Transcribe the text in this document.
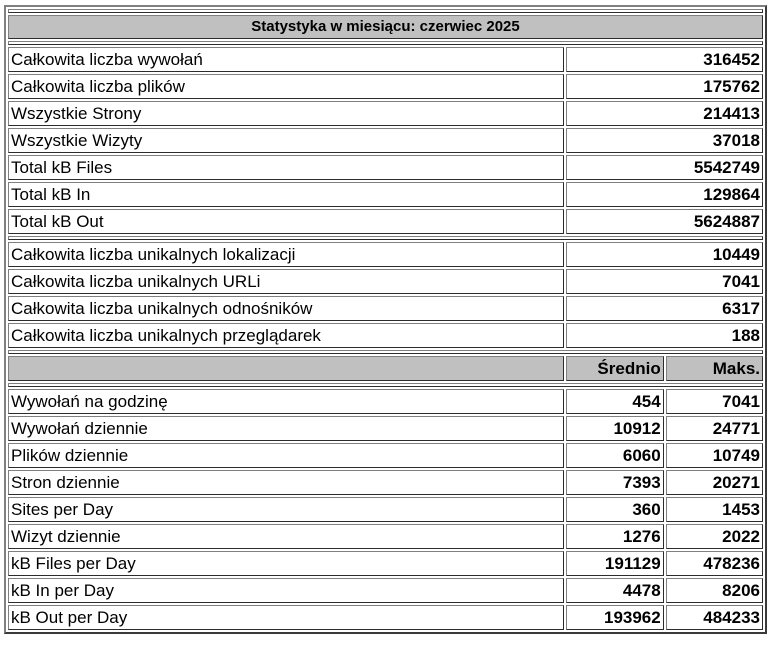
Statystyka w miesiącu: czerwiec 2025		

Całkowita liczba wywołań	316452	
Całkowita liczba plików	175762	
Wszystkie Strony	214413	
Wszystkie Wizyty	37018	
Total kB Files	5542749	
Total kB In	129864	
Total kB Out	5624887	

Całkowita liczba unikalnych lokalizacji	10449	
Całkowita liczba unikalnych URLi	7041	
Całkowita liczba unikalnych odnośników	6317	
Całkowita liczba unikalnych przeglądarek	188	

	Średnio	Maks.

Wywołań na godzinę	454	7041
Wywołań dziennie	10912	24771
Plików dziennie	6060	10749
Stron dziennie	7393	20271
Sites per Day	360	1453
Wizyt dziennie	1276	2022
kB Files per Day	191129	478236
kB In per Day	4478	8206
kB Out per Day	193962	484233
